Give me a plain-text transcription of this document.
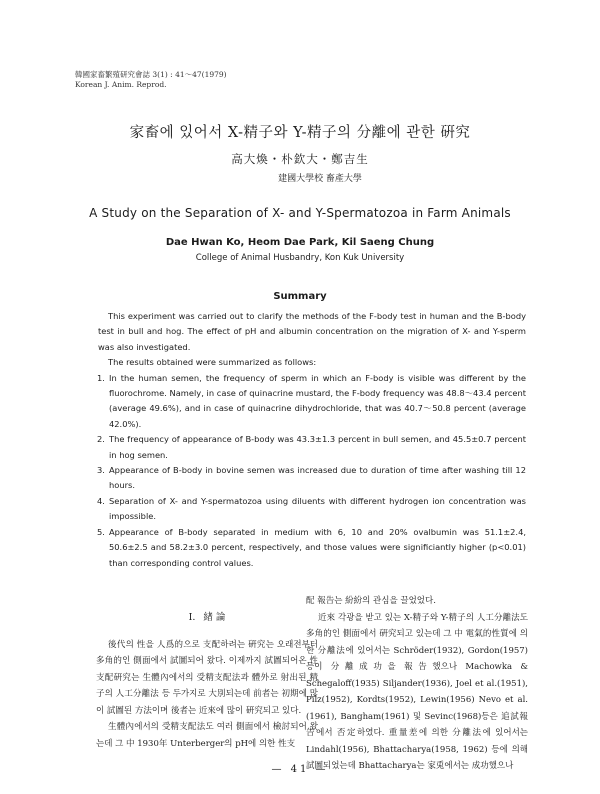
韓國家畜繁殖研究會誌 3(1) : 41～47(1979)
Korean J. Anim. Reprod.
家畜에 있어서 X-精子와 Y-精子의 分離에 관한 硏究
高大煥・朴欽大・鄭吉生
建國大學校 畜產大學
A Study on the Separation of X- and Y-Spermatozoa in Farm Animals
Dae Hwan Ko, Heom Dae Park, Kil Saeng Chung
College of Animal Husbandry, Kon Kuk University
Summary

This experiment was carried out to clarify the methods of the F-body test in human and the B-body test in bull and hog. The effect of pH and albumin concentration on the migration of X- and Y-sperm was also investigated.

The results obtained were summarized as follows:

1. In the human semen, the frequency of sperm in which an F-body is visible was different by the fluorochrome. Namely, in case of quinacrine mustard, the F-body frequency was 48.8～43.4 percent (average 49.6%), and in case of quinacrine dihydrochloride, that was 40.7～50.8 percent (average 42.0%).
2. The frequency of appearance of B-body was 43.3±1.3 percent in bull semen, and 45.5±0.7 percent in hog semen.
3. Appearance of B-body in bovine semen was increased due to duration of time after washing till 12 hours.
4. Separation of X- and Y-spermatozoa using diluents with different hydrogen ion concentration was impossible.
5. Appearance of B-body separated in medium with 6, 10 and 20% ovalbumin was 51.1±2.4, 50.6±2.5 and 58.2±3.0 percent, respectively, and those values were significiantly higher (p<0.01) than corresponding control values.
I. 緖 論

後代의 性을 人爲的으로 支配하려는 硏究는 오래전부터 多角的인 側面에서 試圖되어 왔다. 이제까지 試圖되어온 性支配硏究는 生體內에서의 受精支配法과 體外로 射出된 精子의 人工分離法 등 두가지로 大別되는데 前者는 初期에 많이 試圖된 方法이며 後者는 近來에 많이 硏究되고 있다.

生體內에서의 受精支配法도 여러 側面에서 檢討되어 왔는데 그 中 1930年 Unterberger의 pH에 의한 性支

配 報告는 紛紛의 관심을 끌었었다.

近來 각광을 받고 있는 X-精子와 Y-精子의 人工分離法도 多角的인 側面에서 硏究되고 있는데 그 中 電氣的性質에 의한 分離法에 있어서는 Schröder(1932), Gordon(1957) 등이 分離成功을 報告했으나 Machowka & Schegaloff(1935) Siljander(1936), Joel et al.(1951), Pilz(1952), Kordts(1952), Lewin(1956) Nevo et al.(1961), Bangham(1961) 및 Sevinc(1968)등은 追試報告에서 否定하였다. 重量差에 의한 分離法에 있어서는 Lindahl(1956), Bhattacharya(1958, 1962) 등에 의해 試圖되었는데 Bhattacharya는 家兎에서는 成功했으나

— 41 —
